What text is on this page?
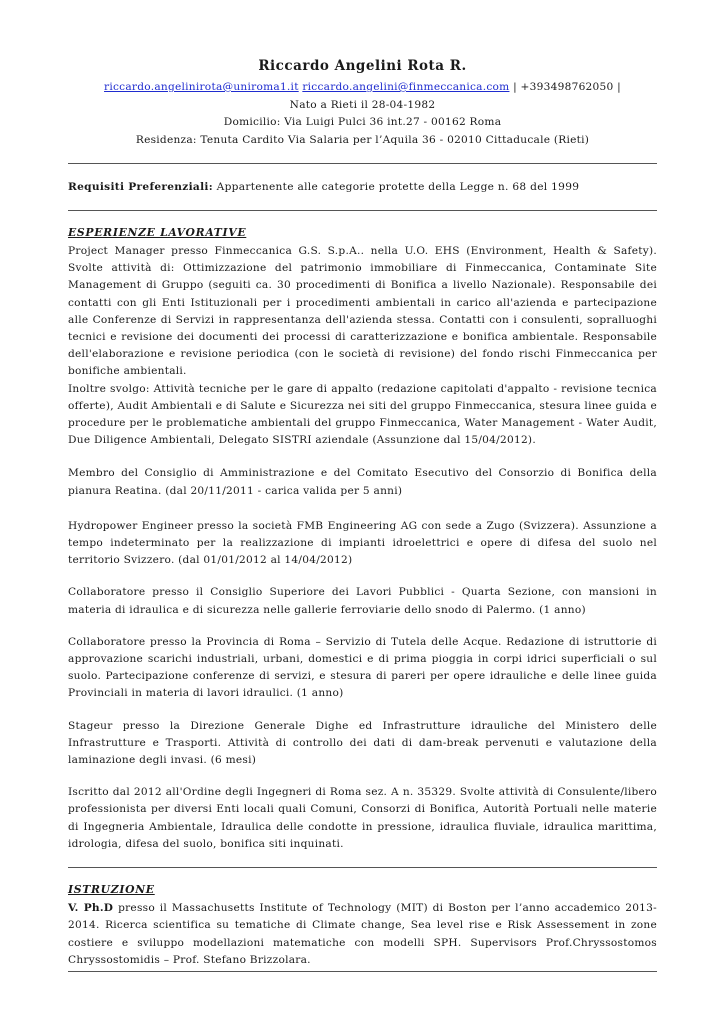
Riccardo Angelini Rota R.
riccardo.angelinirota@uniroma1.it riccardo.angelini@finmeccanica.com | +393498762050 |
Nato a Rieti il 28-04-1982
Domicilio: Via Luigi Pulci 36 int.27 - 00162 Roma
Residenza: Tenuta Cardito Via Salaria per l’Aquila 36 - 02010 Cittaducale (Rieti)
Requisiti Preferenziali: Appartenente alle categorie protette della Legge n. 68 del 1999
ESPERIENZE LAVORATIVE

Project Manager presso Finmeccanica G.S. S.p.A.. nella U.O. EHS (Environment, Health & Safety). Svolte attività di: Ottimizzazione del patrimonio immobiliare di Finmeccanica, Contaminate Site Management di Gruppo (seguiti ca. 30 procedimenti di Bonifica a livello Nazionale). Responsabile dei contatti con gli Enti Istituzionali per i procedimenti ambientali in carico all'azienda e partecipazione alle Conferenze di Servizi in rappresentanza dell'azienda stessa. Contatti con i consulenti, sopralluoghi tecnici e revisione dei documenti dei processi di caratterizzazione e bonifica ambientale. Responsabile dell'elaborazione e revisione periodica (con le società di revisione) del fondo rischi Finmeccanica per bonifiche ambientali.

Inoltre svolgo: Attività tecniche per le gare di appalto (redazione capitolati d'appalto - revisione tecnica offerte), Audit Ambientali e di Salute e Sicurezza nei siti del gruppo Finmeccanica, stesura linee guida e procedure per le problematiche ambientali del gruppo Finmeccanica, Water Management - Water Audit, Due Diligence Ambientali, Delegato SISTRI aziendale (Assunzione dal 15/04/2012).

Membro del Consiglio di Amministrazione e del Comitato Esecutivo del Consorzio di Bonifica della pianura Reatina. (dal 20/11/2011 - carica valida per 5 anni)

Hydropower Engineer presso la società FMB Engineering AG con sede a Zugo (Svizzera). Assunzione a tempo indeterminato per la realizzazione di impianti idroelettrici e opere di difesa del suolo nel territorio Svizzero. (dal 01/01/2012 al 14/04/2012)

Collaboratore presso il Consiglio Superiore dei Lavori Pubblici - Quarta Sezione, con mansioni in materia di idraulica e di sicurezza nelle gallerie ferroviarie dello snodo di Palermo. (1 anno)

Collaboratore presso la Provincia di Roma – Servizio di Tutela delle Acque. Redazione di istruttorie di approvazione scarichi industriali, urbani, domestici e di prima pioggia in corpi idrici superficiali o sul suolo. Partecipazione conferenze di servizi, e stesura di pareri per opere idrauliche e delle linee guida Provinciali in materia di lavori idraulici. (1 anno)

Stageur presso la Direzione Generale Dighe ed Infrastrutture idrauliche del Ministero delle Infrastrutture e Trasporti. Attività di controllo dei dati di dam-break pervenuti e valutazione della laminazione degli invasi. (6 mesi)

Iscritto dal 2012 all'Ordine degli Ingegneri di Roma sez. A n. 35329. Svolte attività di Consulente/libero professionista per diversi Enti locali quali Comuni, Consorzi di Bonifica, Autorità Portuali nelle materie di Ingegneria Ambientale, Idraulica delle condotte in pressione, idraulica fluviale, idraulica marittima, idrologia, difesa del suolo, bonifica siti inquinati.

ISTRUZIONE

V. Ph.D presso il Massachusetts Institute of Technology (MIT) di Boston per l’anno accademico 2013-2014. Ricerca scientifica su tematiche di Climate change, Sea level rise e Risk Assessement in zone costiere e sviluppo modellazioni matematiche con modelli SPH. Supervisors Prof.Chryssostomos Chryssostomidis – Prof. Stefano Brizzolara.
